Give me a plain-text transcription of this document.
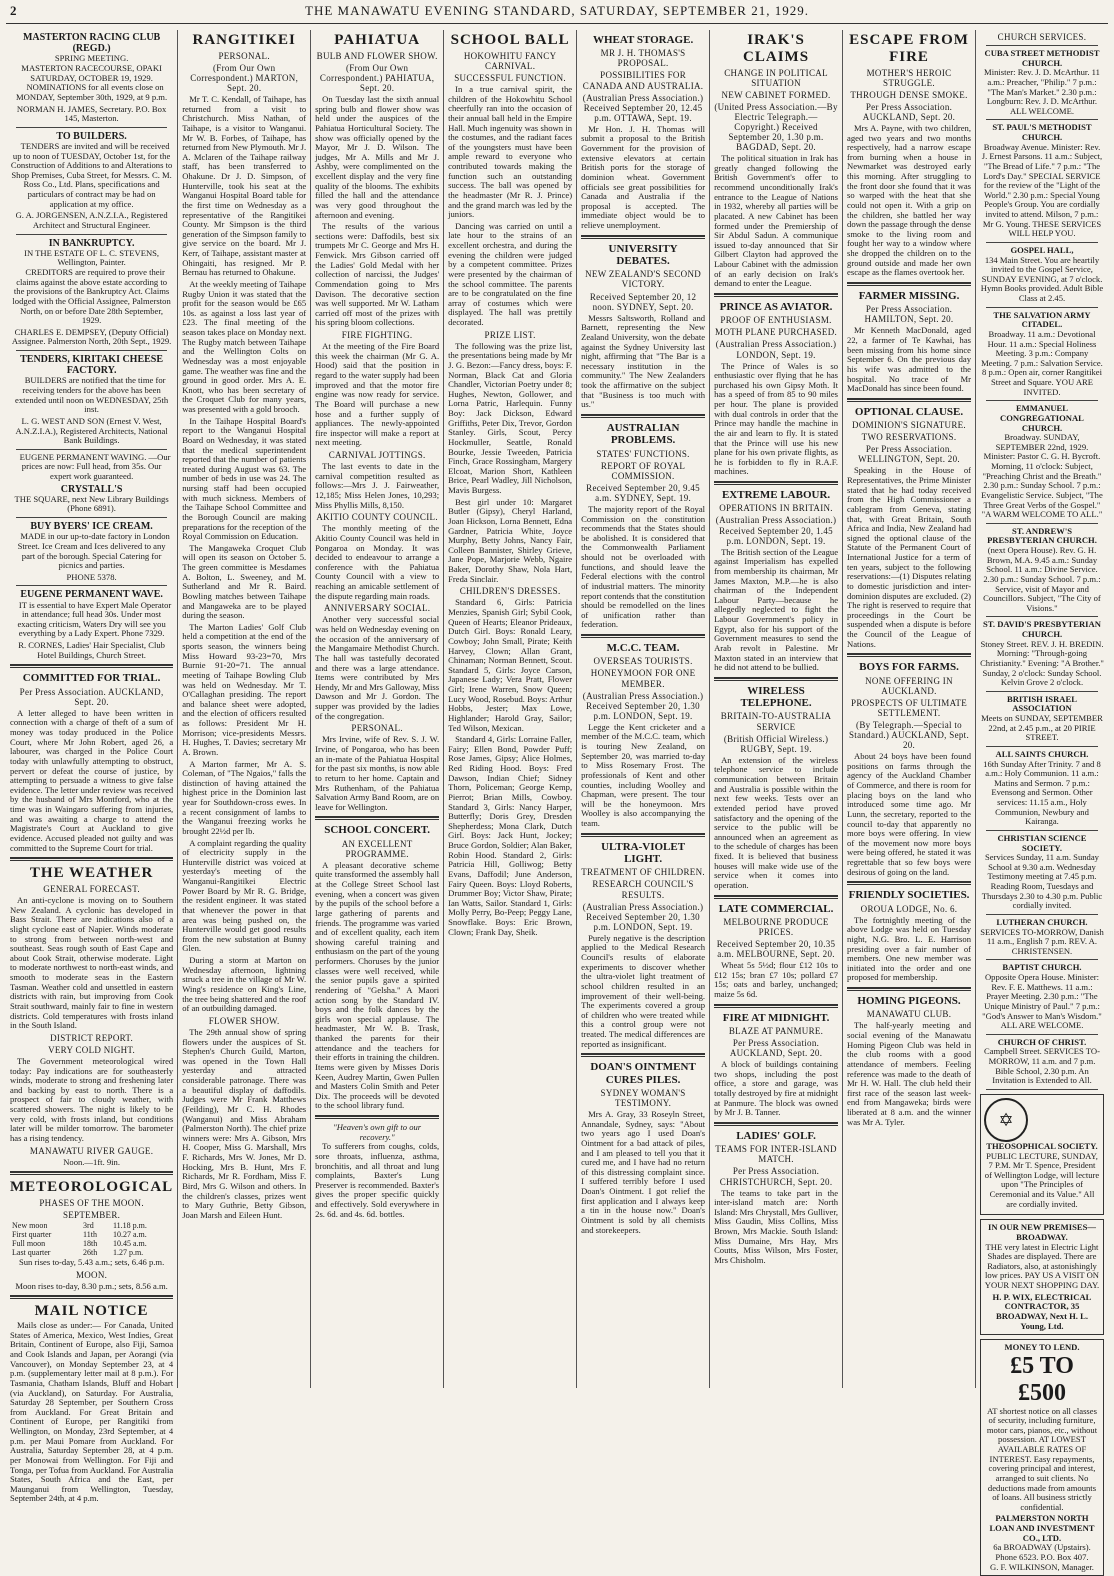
2	THE MANAWATU EVENING STANDARD, SATURDAY, SEPTEMBER 21, 1929.
MASTERTON RACING CLUB (REGD.)
SPRING MEETING.
MASTERTON RACECOURSE, OPAKI SATURDAY, OCTOBER 19, 1929.

NOMINATIONS for all events close on MONDAY, September 30th, 1929, at 9 p.m.

NORMAN H. JAMES, Secretary. P.O. Box 145, Masterton.
TO BUILDERS.

TENDERS are invited and will be received up to noon of TUESDAY, October 1st, for the Construction of Additions to and Alterations to Shop Premises, Cuba Street, for Messrs. C. M. Ross Co., Ltd. Plans, specifications and particulars of contract may be had on application at my office.

G. A. JORGENSEN, A.N.Z.I.A., Registered Architect and Structural Engineer.
IN BANKRUPTCY.
IN THE ESTATE OF L. C. STEVENS, Wellington, Painter.

CREDITORS are required to prove their claims against the above estate according to the provisions of the Bankruptcy Act. Claims lodged with the Official Assignee, Palmerston North, on or before Date 28th September, 1929.

CHARLES E. DEMPSEY, (Deputy Official) Assignee. Palmerston North, 20th Sept., 1929.
TENDERS, KIRITAKI CHEESE FACTORY.

BUILDERS are notified that the time for receiving tenders for the above has been extended until noon on WEDNESDAY, 25th inst.

L. G. WEST AND SON (Ernest V. West, A.N.Z.I.A.), Registered Architects, National Bank Buildings.

EUGENE PERMANENT WAVING. —Our prices are now: Full head, from 35s. Our expert work guaranteed.

CRYSTALL'S
THE SQUARE, next New Library Buildings (Phone 6891).
BUY BYERS' ICE CREAM.

MADE in our up-to-date factory in London Street. Ice Cream and Ices delivered to any part of the borough. Special Catering for picnics and parties.

PHONE 5378.
EUGENE PERMANENT WAVE.

IT is essential to have Expert Male Operator in attendance; full head 30s. Under most exacting criticism, Waters Dry will see you everything by a Lady Expert. Phone 7329.

R. CORNES, Ladies' Hair Specialist, Club Hotel Buildings, Church Street.
COMMITTED FOR TRIAL.
Per Press Association. AUCKLAND, Sept. 20.

A letter alleged to have been written in connection with a charge of theft of a sum of money was today produced in the Police Court, where Mr John Robert, aged 26, a labourer, was charged in the Police Court today with unlawfully attempting to obstruct, pervert or defeat the course of justice, by attempting to persuade a witness to give false evidence. The letter under review was received by the husband of Mrs Montford, who at the time was in Waingaro suffering from injuries, and was awaiting a charge to attend the Magistrate's Court at Auckland to give evidence. Accused pleaded not guilty and was committed to the Supreme Court for trial.

THE WEATHER
GENERAL FORECAST.

An anti-cyclone is moving on to Southern New Zealand. A cyclonic has developed in Bass Strait. There are indications also of a slight cyclone east of Napier. Winds moderate to strong from between north-west and southeast. Seas rough south of East Cape and about Cook Strait, otherwise moderate. Light to moderate northwest to north-east winds, and smooth to moderate seas in the Eastern Tasman. Weather cold and unsettled in eastern districts with rain, but improving from Cook Strait southward, mainly fair to fine in western districts. Cold temperatures with frosts inland in the South Island.

DISTRICT REPORT.
VERY COLD NIGHT.

The Government meteorological wired today: Pay indications are for southeasterly winds, moderate to strong and freshening later and backing by east to north. There is a prospect of fair to cloudy weather, with scattered showers. The night is likely to be very cold, with frosts inland, but conditions later will be milder tomorrow. The barometer has a rising tendency.

MANAWATU RIVER GAUGE.
Noon.—1ft. 9in.
METEOROLOGICAL
PHASES OF THE MOON.
SEPTEMBER.
New moon	3rd	11.18 p.m.
First quarter	11th	10.27 a.m.
Full moon	18th	10.45 a.m.
Last quarter	26th	1.27 p.m.
Sun rises to-day, 5.43 a.m.; sets, 6.46 p.m.
MOON.
Moon rises to-day, 8.30 p.m.; sets, 8.56 a.m.
MAIL NOTICE

Mails close as under:— For Canada, United States of America, Mexico, West Indies, Great Britain, Continent of Europe, also Fiji, Samoa and Cook Islands and Japan, per Aorangi (via Vancouver), on Monday September 23, at 4 p.m. (supplementary letter mail at 8 p.m.). For Tasmania, Chatham Islands, Bluff and Hobart (via Auckland), on Saturday. For Australia, Saturday 28 September, per Southern Cross from Auckland. For Great Britain and Continent of Europe, per Rangitiki from Wellington, on Monday, 23rd September, at 4 p.m. per Maui Pomare from Auckland. For Australia, Saturday September 28, at 4 p.m. per Monowai from Wellington. For Fiji and Tonga, per Tofua from Auckland. For Australia States, South Africa and the East, per Maunganui from Wellington, Tuesday, September 24th, at 4 p.m.

RANGITIKEI
PERSONAL.
(From Our Own Correspondent.) MARTON, Sept. 20.

Mr T. C. Kendall, of Taihape, has returned from a visit to Christchurch. Miss Nathan, of Taihape, is a visitor to Wanganui. Mr W. B. Forbes, of Taihape, has returned from New Plymouth. Mr J. A. Mclaren of the Taihape railway staff, has been transferred to Ohakune. Dr J. D. Simpson, of Hunterville, took his seat at the Wanganui Hospital Board table for the first time on Wednesday as a representative of the Rangitikei County. Mr Simpson is the third generation of the Simpson family to give service on the board. Mr J. Kerr, of Taihape, assistant master at Ohingaiti, has resigned. Mr P. Bernau has returned to Ohakune.

At the weekly meeting of Taihape Rugby Union it was stated that the profit for the season would be £65 10s. as against a loss last year of £23. The final meeting of the season takes place on Monday next. The Rugby match between Taihape and the Wellington Colts on Wednesday was a most enjoyable game. The weather was fine and the ground in good order. Mrs A. E. Knott, who has been secretary of the Croquet Club for many years, was presented with a gold brooch.

In the Taihape Hospital Board's report to the Wanganui Hospital Board on Wednesday, it was stated that the medical superintendent reported that the number of patients treated during August was 63. The number of beds in use was 24. The nursing staff had been occupied with much sickness. Members of the Taihape School Committee and the Borough Council are making preparations for the reception of the Royal Commission on Education.

The Mangaweka Croquet Club will open its season on October 5. The green committee is Mesdames A. Bolton, L. Sweeney, and M. Sutherland and Mr R. Baird. Bowling matches between Taihape and Mangaweka are to be played during the season.

The Marton Ladies' Golf Club held a competition at the end of the sports season, the winners being Miss Howard 93-23=70, Mrs Burnie 91-20=71. The annual meeting of Taihape Bowling Club was held on Wednesday. Mr T. O'Callaghan presiding. The report and balance sheet were adopted, and the election of officers resulted as follows: President Mr H. Morrison; vice-presidents Messrs. H. Hughes, T. Davies; secretary Mr A. Brown.

A Marton farmer, Mr A. S. Coleman, of "The Ngaios," falls the distinction of having attained the highest price in the Dominion last year for Southdown-cross ewes. In a recent consignment of lambs to the Wanganui freezing works he brought 22½d per lb.

A complaint regarding the quality of electricity supply in the Hunterville district was voiced at yesterday's meeting of the Wanganui-Rangitikei Electric Power Board by Mr R. G. Bridge, the resident engineer. It was stated that whenever the power in that area was being pushed on, the Hunterville would get good results from the new substation at Bunny Glen.

During a storm at Marton on Wednesday afternoon, lightning struck a tree in the village of Mr W. Wing's residence on King's Line, the tree being shattered and the roof of an outbuilding damaged.

FLOWER SHOW.

The 29th annual show of spring flowers under the auspices of St. Stephen's Church Guild, Marton, was opened in the Town Hall yesterday and attracted considerable patronage. There was a beautiful display of daffodils. Judges were Mr Frank Matthews (Feilding), Mr C. H. Rhodes (Wanganui) and Miss Abraham (Palmerston North). The chief prize winners were: Mrs A. Gibson, Mrs H. Cooper, Miss G. Marshall, Mrs F. Richards, Mrs W. Jones, Mr D. Hocking, Mrs B. Hunt, Mrs F. Richards, Mr R. Fordham, Miss F. Bird, Mrs G. Wilson and others. In the children's classes, prizes went to Mary Guthrie, Betty Gibson, Joan Marsh and Eileen Hunt.

PAHIATUA
BULB AND FLOWER SHOW.
(From Our Own Correspondent.) PAHIATUA, Sept. 20.

On Tuesday last the sixth annual spring bulb and flower show was held under the auspices of the Pahiatua Horticultural Society. The show was officially opened by the Mayor, Mr J. D. Wilson. The judges, Mr A. Mills and Mr J. Ashby, were complimented on the excellent display and the very fine quality of the blooms. The exhibits filled the hall and the attendance was very good throughout the afternoon and evening.

The results of the various sections were: Daffodils, best six trumpets Mr C. George and Mrs H. Fenwick. Mrs Gibson carried off the Ladies' Gold Medal with her collection of narcissi, the Judges' Commendation going to Mrs Davison. The decorative section was well supported. Mr W. Latham carried off most of the prizes with his spring bloom collections.

FIRE FIGHTING.

At the meeting of the Fire Board this week the chairman (Mr G. A. Hood) said that the position in regard to the water supply had been improved and that the motor fire engine was now ready for service. The Board will purchase a new hose and a further supply of appliances. The newly-appointed fire inspector will make a report at next meeting.

CARNIVAL JOTTINGS.

The last events to date in the carnival competition resulted as follows:—Mrs J. J. Fairweather, 12,185; Miss Helen Jones, 10,293; Miss Phyllis Mills, 8,150.

AKITIO COUNTY COUNCIL.

The monthly meeting of the Akitio County Council was held in Pongaroa on Monday. It was decided to endeavour to arrange a conference with the Pahiatua County Council with a view to reaching an amicable settlement of the dispute regarding main roads.

ANNIVERSARY SOCIAL.

Another very successful social was held on Wednesday evening on the occasion of the anniversary of the Mangamaire Methodist Church. The hall was tastefully decorated and there was a large attendance. Items were contributed by Mrs Hendy, Mr and Mrs Galloway, Miss Dawson and Mr J. Gordon. The supper was provided by the ladies of the congregation.

PERSONAL.

Mrs Irvine, wife of Rev. S. J. W. Irvine, of Pongaroa, who has been an in-mate of the Pahiatua Hospital for the past six months, is now able to return to her home. Captain and Mrs Ruthenham, of the Pahiatua Salvation Army Band Room, are on leave for Wellington.

SCHOOL CONCERT.
AN EXCELLENT PROGRAMME.

A pleasant decorative scheme quite transformed the assembly hall at the College Street School last evening, when a concert was given by the pupils of the school before a large gathering of parents and friends. The programme was varied and of excellent quality, each item showing careful training and enthusiasm on the part of the young performers. Choruses by the junior classes were well received, while the senior pupils gave a spirited rendering of "Gelsha." A Maori action song by the Standard IV. boys and the folk dances by the girls won special applause. The headmaster, Mr W. B. Trask, thanked the parents for their attendance and the teachers for their efforts in training the children. Items were given by Misses Doris Keen, Audrey Martin, Gwen Pullen and Masters Colin Smith and Peter Dix. The proceeds will be devoted to the school library fund.

"Heaven's own gift to our recovery."

To sufferers from coughs, colds, sore throats, influenza, asthma, bronchitis, and all throat and lung complaints, Baxter's Lung Preserver is recommended. Baxter's gives the proper specific quickly and effectively. Sold everywhere in 2s. 6d. and 4s. 6d. bottles.

SCHOOL BALL
HOKOWHITU FANCY CARNIVAL.
SUCCESSFUL FUNCTION.

In a true carnival spirit, the children of the Hokowhitu School cheerfully ran into the occasion of their annual ball held in the Empire Hall. Much ingenuity was shown in the costumes, and the radiant faces of the youngsters must have been ample reward to everyone who contributed towards making the function such an outstanding success. The ball was opened by the headmaster (Mr R. J. Prince) and the grand march was led by the juniors.

Dancing was carried on until a late hour to the strains of an excellent orchestra, and during the evening the children were judged by a competent committee. Prizes were presented by the chairman of the school committee. The parents are to be congratulated on the fine array of costumes which were displayed. The hall was prettily decorated.

PRIZE LIST.

The following was the prize list, the presentations being made by Mr J. G. Bezon:—Fancy dress, boys: F. Norman, Black Cat and Gloria Chandler, Victorian Poetry under 8; Hughes, Newton, Gollower, and Lorna Patric, Harlequin. Funny Boy: Jack Dickson, Edward Griffiths, Peter Dix, Trevor, Gordon Stanley. Girls, Scout, Percy Hockmuller, Seattle, Ronald Bourke, Jessie Tweeden, Patricia Finch, Grace Rossingham, Margery Elcoat, Marion Short, Kathleen Brice, Pearl Wadley, Jill Nicholson, Mavis Burgess.

Best girl under 10: Margaret Butler (Gipsy), Cheryl Harland, Joan Hickson, Lorna Bennett, Edna Gardner, Patricia White, Joyce Murphy, Betty Johns, Nancy Fair, Colleen Bannister, Shirley Grieve, Jane Pope, Marjorie Webb, Ngaire Baker, Dorothy Shaw, Nola Hart, Freda Sinclair.

CHILDREN'S DRESSES.

Standard 6, Girls: Patricia Menzies, Spanish Girl; Sybil Cook, Queen of Hearts; Eleanor Prideaux, Dutch Girl. Boys: Ronald Leary, Cowboy; John Small, Pirate; Keith Harvey, Clown; Allan Grant, Chinaman; Norman Bennett, Scout. Standard 5, Girls: Joyce Carson, Japanese Lady; Vera Pratt, Flower Girl; Irene Warren, Snow Queen; Lucy Wood, Rosebud. Boys: Arthur Hobbs, Jester; Max Lowe, Highlander; Harold Gray, Sailor; Ted Wilson, Mexican.

Standard 4, Girls: Lorraine Faller, Fairy; Ellen Bond, Powder Puff; Rose James, Gipsy; Alice Holmes, Red Riding Hood. Boys: Fred Dawson, Indian Chief; Sidney Thorn, Policeman; George Kemp, Pierrot; Brian Mills, Cowboy. Standard 3, Girls: Nancy Harper, Butterfly; Doris Grey, Dresden Shepherdess; Mona Clark, Dutch Girl. Boys: Jack Hunt, Jockey; Bruce Gordon, Soldier; Alan Baker, Robin Hood. Standard 2, Girls: Patricia Hill, Golliwog; Betty Evans, Daffodil; June Anderson, Fairy Queen. Boys: Lloyd Roberts, Drummer Boy; Victor Shaw, Pirate; Ian Watts, Sailor. Standard 1, Girls: Molly Perry, Bo-Peep; Peggy Lane, Snowflake. Boys: Eric Brown, Clown; Frank Day, Sheik.

WHEAT STORAGE.
MR J. H. THOMAS'S PROPOSAL.
POSSIBILITIES FOR CANADA AND AUSTRALIA.
(Australian Press Association.) Received September 20, 12.45 p.m. OTTAWA, Sept. 19.

Mr Hon. J. H. Thomas will submit a proposal to the British Government for the provision of extensive elevators at certain British ports for the storage of dominion wheat. Government officials see great possibilities for Canada and Australia if the proposal is accepted. The immediate object would be to relieve unemployment.

UNIVERSITY DEBATES.
NEW ZEALAND'S SECOND VICTORY.
Received September 20, 12 noon. SYDNEY, Sept. 20.

Messrs Saltsworth, Rolland and Barnett, representing the New Zealand University, won the debate against the Sydney University last night, affirming that "The Bar is a necessary institution in the community." The New Zealanders took the affirmative on the subject that "Business is too much with us."

AUSTRALIAN PROBLEMS.
STATES' FUNCTIONS.
REPORT OF ROYAL COMMISSION.
Received September 20, 9.45 a.m. SYDNEY, Sept. 19.

The majority report of the Royal Commission on the constitution recommends that the States should be abolished. It is considered that the Commonwealth Parliament should not be overloaded with functions, and should leave the Federal elections with the control of industrial matters. The minority report contends that the constitution should be remodelled on the lines of unification rather than federation.

M.C.C. TEAM.
OVERSEAS TOURISTS.
HONEYMOON FOR ONE MEMBER.
(Australian Press Association.) Received September 20, 1.30 p.m. LONDON, Sept. 19.

Legge the Kent cricketer and a member of the M.C.C. team, which is touring New Zealand, on September 20, was married to-day to Miss Rosemary Frost. The professionals of Kent and other counties, including Woolley and Chapman, were present. The tour will be the honeymoon. Mrs Woolley is also accompanying the team.

ULTRA-VIOLET LIGHT.
TREATMENT OF CHILDREN.
RESEARCH COUNCIL'S RESULTS.
(Australian Press Association.) Received September 20, 1.30 p.m. LONDON, Sept. 19.

Purely negative is the description applied to the Medical Research Council's results of elaborate experiments to discover whether the ultra-violet light treatment of school children resulted in an improvement of their well-being. The experiments covered a group of children who were treated while this a control group were not treated. The medical differences are reported as insignificant.

DOAN'S OINTMENT CURES PILES.
SYDNEY WOMAN'S TESTIMONY.

Mrs A. Gray, 33 Roseyln Street, Annandale, Sydney, says: "About two years ago I used Doan's Ointment for a bad attack of piles, and I am pleased to tell you that it cured me, and I have had no return of this distressing complaint since. I suffered terribly before I used Doan's Ointment. I got relief the first application and I always keep a tin in the house now." Doan's Ointment is sold by all chemists and storekeepers.

IRAK'S CLAIMS
CHANGE IN POLITICAL SITUATION
NEW CABINET FORMED.
(United Press Association.—By Electric Telegraph.—Copyright.) Received September 20, 1.30 p.m. BAGDAD, Sept. 20.

The political situation in Irak has greatly changed following the British Government's offer to recommend unconditionally Irak's entrance to the League of Nations in 1932, whereby all parties will be placated. A new Cabinet has been formed under the Premiership of Sir Abdul Sadun. A communique issued to-day announced that Sir Gilbert Clayton had approved the Labour Cabinet with the admission of an early decision on Irak's demand to enter the League.

PRINCE AS AVIATOR.
PROOF OF ENTHUSIASM.
MOTH PLANE PURCHASED.
(Australian Press Association.) LONDON, Sept. 19.

The Prince of Wales is so enthusiastic over flying that he has purchased his own Gipsy Moth. It has a speed of from 85 to 90 miles per hour. The plane is provided with dual controls in order that the Prince may handle the machine in the air and learn to fly. It is stated that the Prince will use his new plane for his own private flights, as he is forbidden to fly in R.A.F. machines.

EXTREME LABOUR.
OPERATIONS IN BRITAIN.
(Australian Press Association.) Received September 20, 1.45 p.m. LONDON, Sept. 19.

The British section of the League against Imperialism has expelled from membership its chairman, Mr James Maxton, M.P.—he is also chairman of the Independent Labour Party—because he allegedly neglected to fight the Labour Government's policy in Egypt, also for his support of the Government measures to send the Arab revolt in Palestine. Mr Maxton stated in an interview that he did not attend to be bullied.

WIRELESS TELEPHONE.
BRITAIN-TO-AUSTRALIA SERVICE
(British Official Wireless.) RUGBY, Sept. 19.

An extension of the wireless telephone service to include communication between Britain and Australia is possible within the next few weeks. Tests over an extended period have proved satisfactory and the opening of the service to the public will be announced when an agreement as to the schedule of charges has been fixed. It is believed that business houses will make wide use of the service when it comes into operation.

LATE COMMERCIAL.
MELBOURNE PRODUCE PRICES.
Received September 20, 10.35 a.m. MELBOURNE, Sept. 20.

Wheat 5s 5½d; flour £12 10s to £12 15s; bran £7 10s; pollard £7 15s; oats and barley, unchanged; maize 5s 6d.

FIRE AT MIDNIGHT.
BLAZE AT PANMURE.
Per Press Association. AUCKLAND, Sept. 20.

A block of buildings containing two shops, including the post office, a store and garage, was totally destroyed by fire at midnight at Panmure. The block was owned by Mr J. B. Tanner.

LADIES' GOLF.
TEAMS FOR INTER-ISLAND MATCH.
Per Press Association. CHRISTCHURCH, Sept. 20.

The teams to take part in the inter-island match are: North Island: Mrs Chrystall, Mrs Gulliver, Miss Gaudin, Miss Collins, Miss Brown, Mrs Mackie. South Island: Miss Dumaine, Mrs Hay, Mrs Coutts, Miss Wilson, Mrs Foster, Mrs Chisholm.

ESCAPE FROM FIRE
MOTHER'S HEROIC STRUGGLE.
THROUGH DENSE SMOKE.
Per Press Association. AUCKLAND, Sept. 20.

Mrs A. Payne, with two children, aged two years and two months respectively, had a narrow escape from burning when a house in Newmarket was destroyed early this morning. After struggling to the front door she found that it was so warped with the heat that she could not open it. With a grip on the children, she battled her way down the passage through the dense smoke to the living room and fought her way to a window where she dropped the children on to the ground outside and made her own escape as the flames overtook her.

FARMER MISSING.
Per Press Association. HAMILTON, Sept. 20.

Mr Kenneth MacDonald, aged 22, a farmer of Te Kawhai, has been missing from his home since September 6. On the previous day his wife was admitted to the hospital. No trace of Mr MacDonald has since been found.

OPTIONAL CLAUSE.
DOMINION'S SIGNATURE.
TWO RESERVATIONS.
Per Press Association. WELLINGTON, Sept. 20.

Speaking in the House of Representatives, the Prime Minister stated that he had today received from the High Commissioner a cablegram from Geneva, stating that, with Great Britain, South Africa and India, New Zealand had signed the optional clause of the Statute of the Permanent Court of International Justice for a term of ten years, subject to the following reservations:—(1) Disputes relating to domestic jurisdiction and inter-dominion disputes are excluded. (2) The right is reserved to require that proceedings in the Court be suspended when a dispute is before the Council of the League of Nations.

BOYS FOR FARMS.
NONE OFFERING IN AUCKLAND.
PROSPECTS OF ULTIMATE SETTLEMENT.
(By Telegraph.—Special to Standard.) AUCKLAND, Sept. 20.

About 24 boys have been found positions on farms through the agency of the Auckland Chamber of Commerce, and there is room for placing boys on the land who introduced some time ago. Mr Lunn, the secretary, reported to the council to-day that apparently no more boys were offering. In view of the movement now more boys were being offered, he stated it was regrettable that so few boys were desirous of going on the land.

FRIENDLY SOCIETIES.
OROUA LODGE, No. 6.

The fortnightly meeting of the above Lodge was held on Tuesday night, N.G. Bro. L. E. Harrison presiding over a fair number of members. One new member was initiated into the order and one proposed for membership.

HOMING PIGEONS.
MANAWATU CLUB.

The half-yearly meeting and social evening of the Manawatu Homing Pigeon Club was held in the club rooms with a good attendance of members. Feeling reference was made to the death of Mr H. W. Hall. The club held their first race of the season last week-end from Mangaweka; birds were liberated at 8 a.m. and the winner was Mr A. Tyler.

CHURCH SERVICES.
CUBA STREET METHODIST CHURCH.

Minister: Rev. J. D. McArthur. 11 a.m.: Preacher, "Philip." 7 p.m.: "The Man's Market." 2.30 p.m.: Longburn: Rev. J. D. McArthur. ALL WELCOME.

ST. PAUL'S METHODIST CHURCH.

Broadway Avenue. Minister: Rev. J. Ernest Parsons. 11 a.m.: Subject, "The Bread of Life." 7 p.m.: "The Lord's Day." SPECIAL SERVICE for the review of the "Light of the World." 2.30 p.m.: Special Young People's Group. You are cordially invited to attend. Milson, 7 p.m.: Mr G. Young. THESE SERVICES WILL HELP YOU.

GOSPEL HALL,

134 Main Street. You are heartily invited to the Gospel Service, SUNDAY EVENING, at 7 o'clock. Hymn Books provided. Adult Bible Class at 2.45.

THE SALVATION ARMY CITADEL.

Broadway. 11 a.m.: Devotional Hour. 11 a.m.: Special Holiness Meeting. 3 p.m.: Company Meeting. 7 p.m.: Salvation Service. 8 p.m.: Open air, corner Rangitikei Street and Square. YOU ARE INVITED.

EMMANUEL CONGREGATIONAL CHURCH.

Broadway. SUNDAY, SEPTEMBER 22nd, 1929. Minister: Pastor C. G. H. Bycroft. Morning, 11 o'clock: Subject, "Preaching Christ and the Breath." 2.30 p.m.: Sunday School. 7 p.m.: Evangelistic Service. Subject, "The Three Great Verbs of the Gospel." "A WARM WELCOME TO ALL."

ST. ANDREW'S PRESBYTERIAN CHURCH.

(next Opera House). Rev. G. H. Brown, M.A. 9.45 a.m.: Sunday School. 11 a.m.: Divine Service. 2.30 p.m.: Sunday School. 7 p.m.: Service, visit of Mayor and Councillors. Subject, "The City of Visions."

ST. DAVID'S PRESBYTERIAN CHURCH.

Stoney Street. REV. J. H. BREDIN. Morning: "Through-going Christianity." Evening: "A Brother." Sunday, 2 o'clock: Sunday School. Kelvin Grove 2 o'clock.

BRITISH ISRAEL ASSOCIATION

Meets on SUNDAY, SEPTEMBER 22nd, at 2.45 p.m., at 20 PIRIE STREET.

ALL SAINTS CHURCH.

16th Sunday After Trinity. 7 and 8 a.m.: Holy Communion. 11 a.m.: Matins and Sermon. 7 p.m.: Evensong and Sermon. Other services: 11.15 a.m., Holy Communion, Newbury and Kairanga.

CHRISTIAN SCIENCE SOCIETY.

Services Sunday, 11 a.m. Sunday School at 9.30 a.m. Wednesday Testimony meeting at 7.45 p.m. Reading Room, Tuesdays and Thursdays 2.30 to 4.30 p.m. Public cordially invited.

LUTHERAN CHURCH.

SERVICES TO-MORROW, Danish 11 a.m., English 7 p.m. REV. A. CHRISTENSEN.

BAPTIST CHURCH.

Opposite Opera House. Minister: Rev. F. E. Matthews. 11 a.m.: Prayer Meeting. 2.30 p.m.: "The Unique Ministry of Paul." 7 p.m.: "God's Answer to Man's Wisdom." ALL ARE WELCOME.

CHURCH OF CHRIST.

Campbell Street. SERVICES TO-MORROW, 11 a.m. and 7 p.m. Bible School, 2.30 p.m. An Invitation is Extended to All.

✡
THEOSOPHICAL SOCIETY.

PUBLIC LECTURE, SUNDAY, 7 P.M. Mr T. Spence, President of Wellington Lodge, will lecture upon "The Principles of Ceremonial and its Value." All are cordially invited.

IN OUR NEW PREMISES—BROADWAY.

THE very latest in Electric Light Shades are displayed. There are Radiators, also, at astonishingly low prices. PAY US A VISIT ON YOUR NEXT SHOPPING DAY.

H. P. WIX, ELECTRICAL CONTRACTOR, 35 BROADWAY, Next H. L. Young, Ltd.
MONEY TO LEND.
£5 TO £500

AT shortest notice on all classes of security, including furniture, motor cars, pianos, etc., without possession. AT LOWEST AVAILABLE RATES OF INTEREST. Easy repayments, covering principal and interest, arranged to suit clients. No deductions made from amounts of loans. All business strictly confidential.

PALMERSTON NORTH LOAN AND INVESTMENT CO., LTD.
6a BROADWAY (Upstairs). Phone 6523. P.O. Box 407.
G. F. WILKINSON, Manager.
